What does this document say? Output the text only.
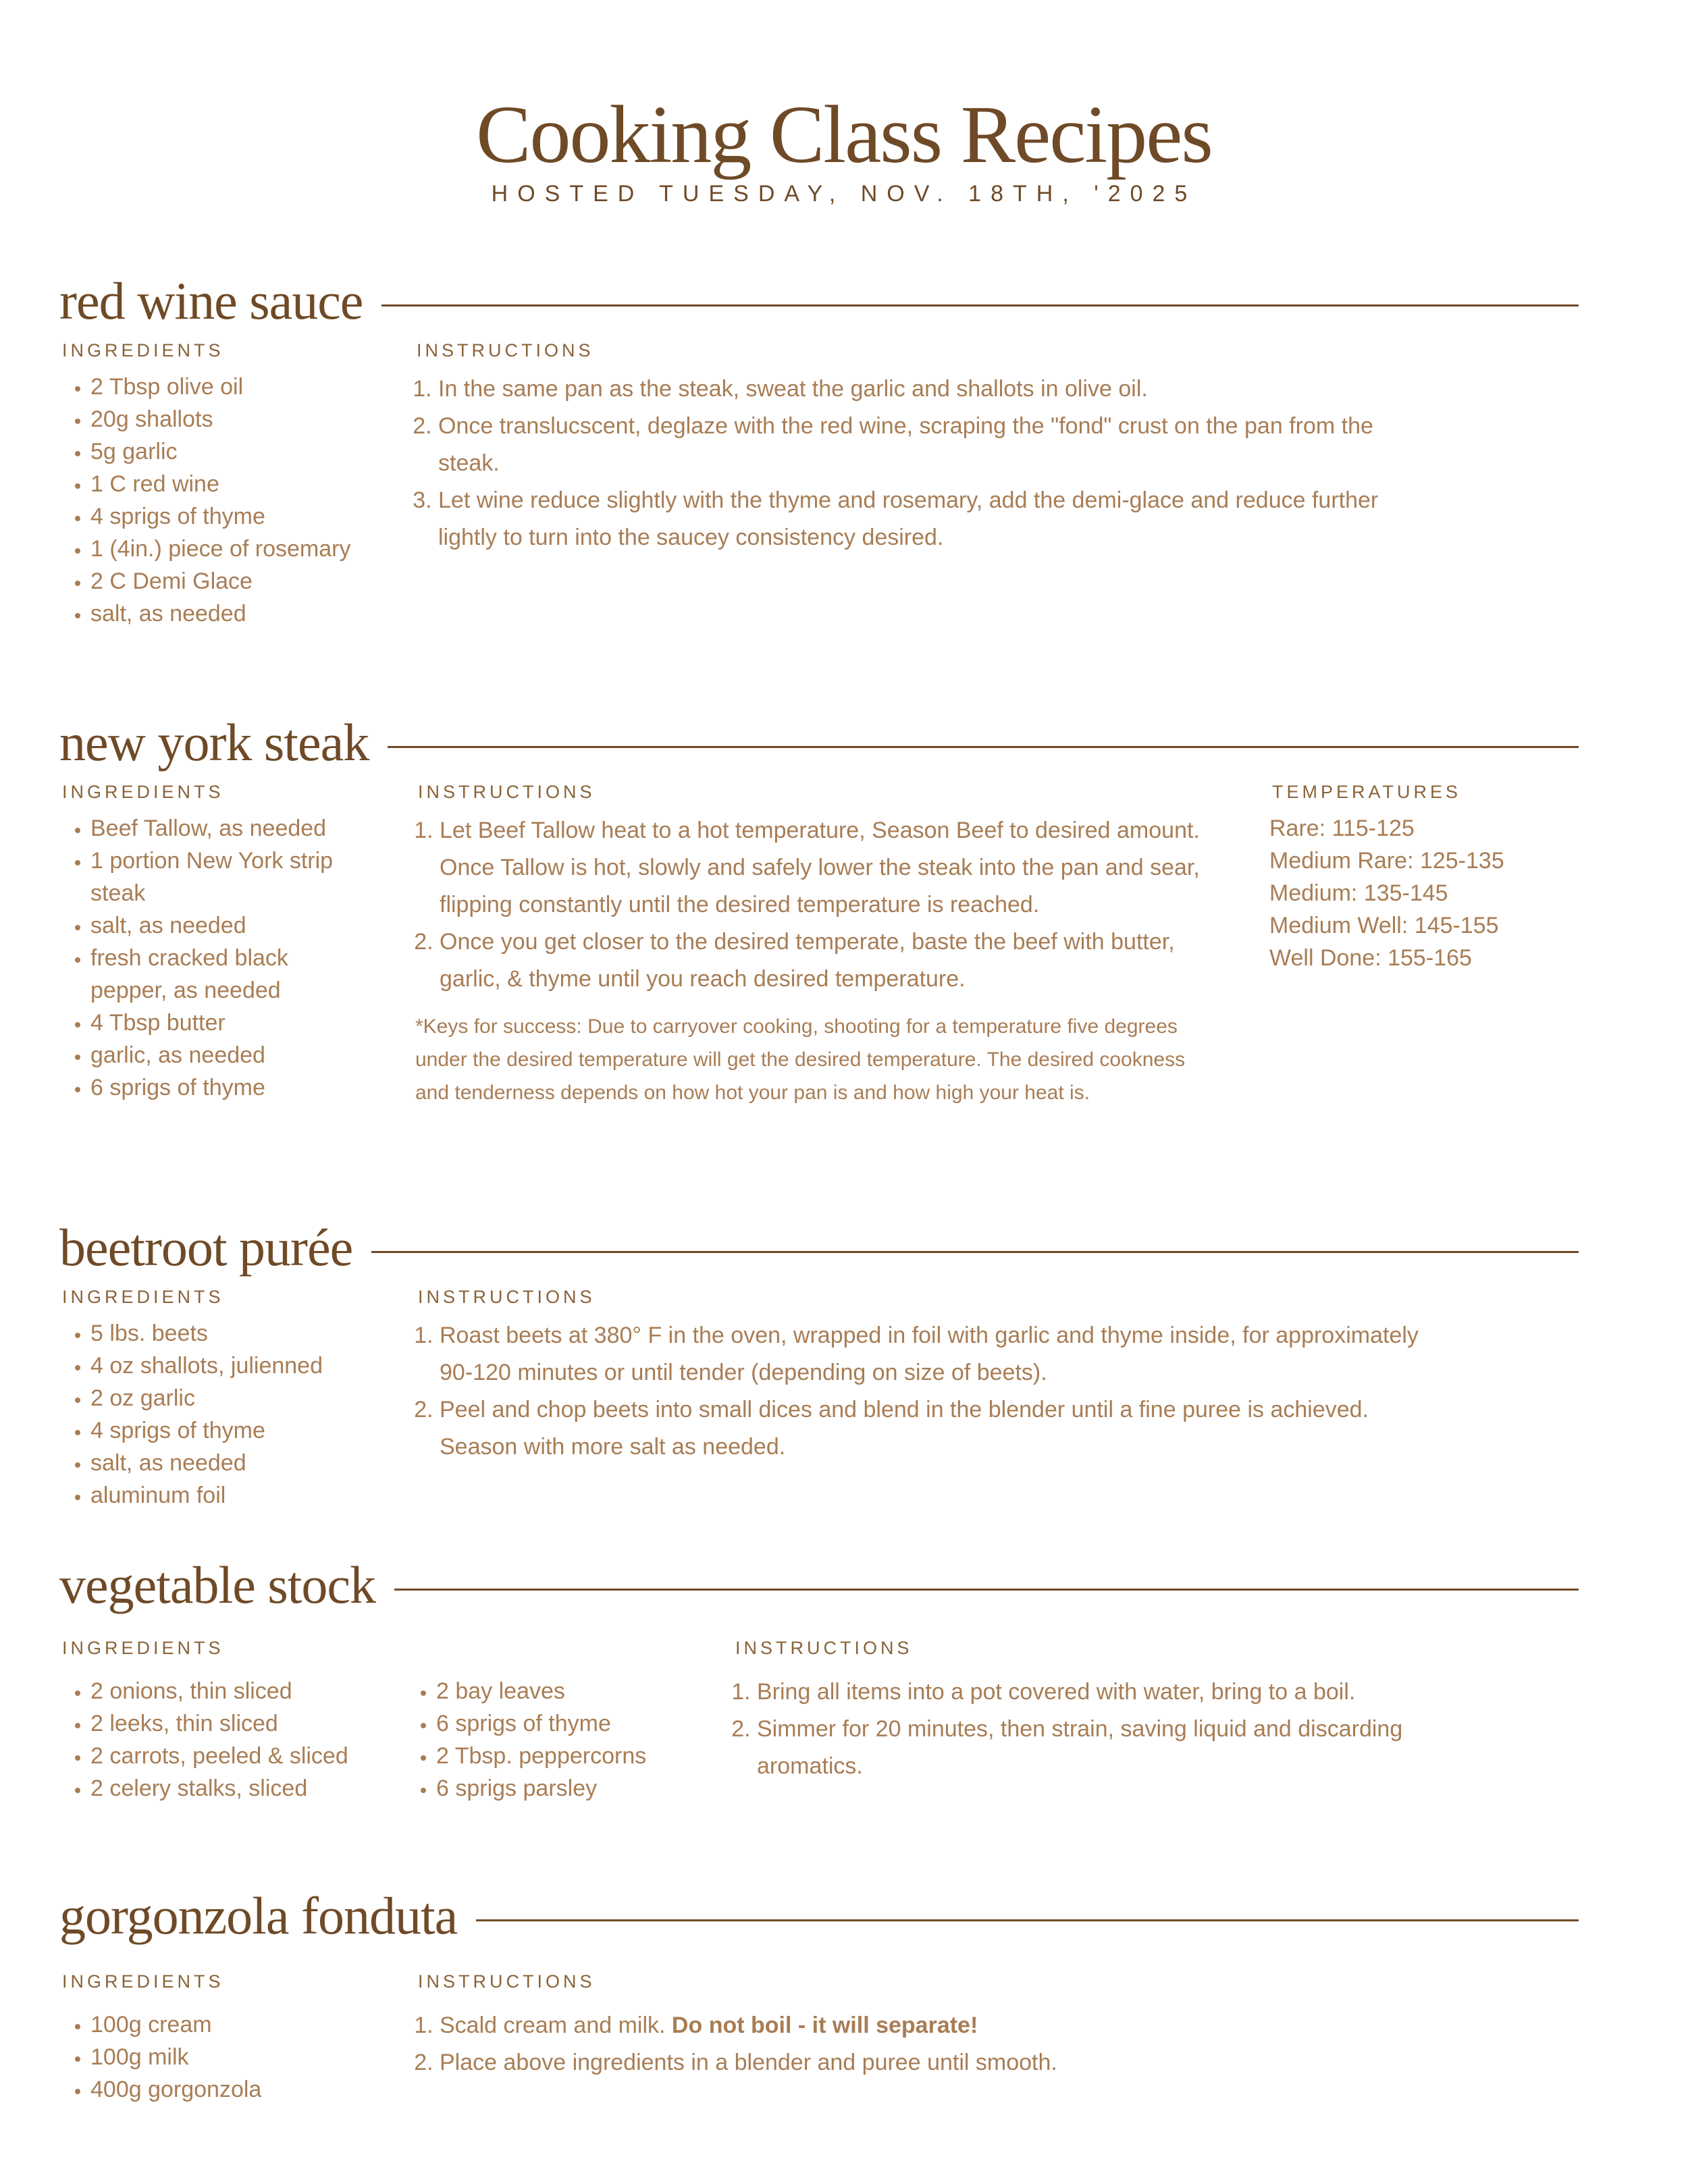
Cooking Class Recipes
HOSTED TUESDAY, NOV. 18TH, '2025
red wine sauce
INGREDIENTS
• 2 Tbsp olive oil
• 20g shallots
• 5g garlic
• 1 C red wine
• 4 sprigs of thyme
• 1 (4in.) piece of rosemary
• 2 C Demi Glace
• salt, as needed
INSTRUCTIONS
1. In the same pan as the steak, sweat the garlic and shallots in olive oil.
2. Once translucscent, deglaze with the red wine, scraping the "fond" crust on the pan from the steak.
3. Let wine reduce slightly with the thyme and rosemary, add the demi-glace and reduce further lightly to turn into the saucey consistency desired.
new york steak
INGREDIENTS
• Beef Tallow, as needed
• 1 portion New York strip steak
• salt, as needed
• fresh cracked black pepper, as needed
• 4 Tbsp butter
• garlic, as needed
• 6 sprigs of thyme
INSTRUCTIONS
1. Let Beef Tallow heat to a hot temperature, Season Beef to desired amount. Once Tallow is hot, slowly and safely lower the steak into the pan and sear, flipping constantly until the desired temperature is reached.
2. Once you get closer to the desired temperate, baste the beef with butter, garlic, & thyme until you reach desired temperature.
*Keys for success: Due to carryover cooking, shooting for a temperature five degrees under the desired temperature will get the desired temperature. The desired cookness and tenderness depends on how hot your pan is and how high your heat is.
TEMPERATURES
Rare: 115-125
Medium Rare: 125-135
Medium: 135-145
Medium Well: 145-155
Well Done: 155-165
beetroot purée
INGREDIENTS
• 5 lbs. beets
• 4 oz shallots, julienned
• 2 oz garlic
• 4 sprigs of thyme
• salt, as needed
• aluminum foil
INSTRUCTIONS
1. Roast beets at 380° F in the oven, wrapped in foil with garlic and thyme inside, for approximately 90-120 minutes or until tender (depending on size of beets).
2. Peel and chop beets into small dices and blend in the blender until a fine puree is achieved. Season with more salt as needed.
vegetable stock
INGREDIENTS
• 2 onions, thin sliced
• 2 leeks, thin sliced
• 2 carrots, peeled & sliced
• 2 celery stalks, sliced

• 2 bay leaves
• 6 sprigs of thyme
• 2 Tbsp. peppercorns
• 6 sprigs parsley
INSTRUCTIONS
1. Bring all items into a pot covered with water, bring to a boil.
2. Simmer for 20 minutes, then strain, saving liquid and discarding aromatics.
gorgonzola fonduta
INGREDIENTS
• 100g cream
• 100g milk
• 400g gorgonzola
INSTRUCTIONS
1. Scald cream and milk. Do not boil - it will separate!
2. Place above ingredients in a blender and puree until smooth.
